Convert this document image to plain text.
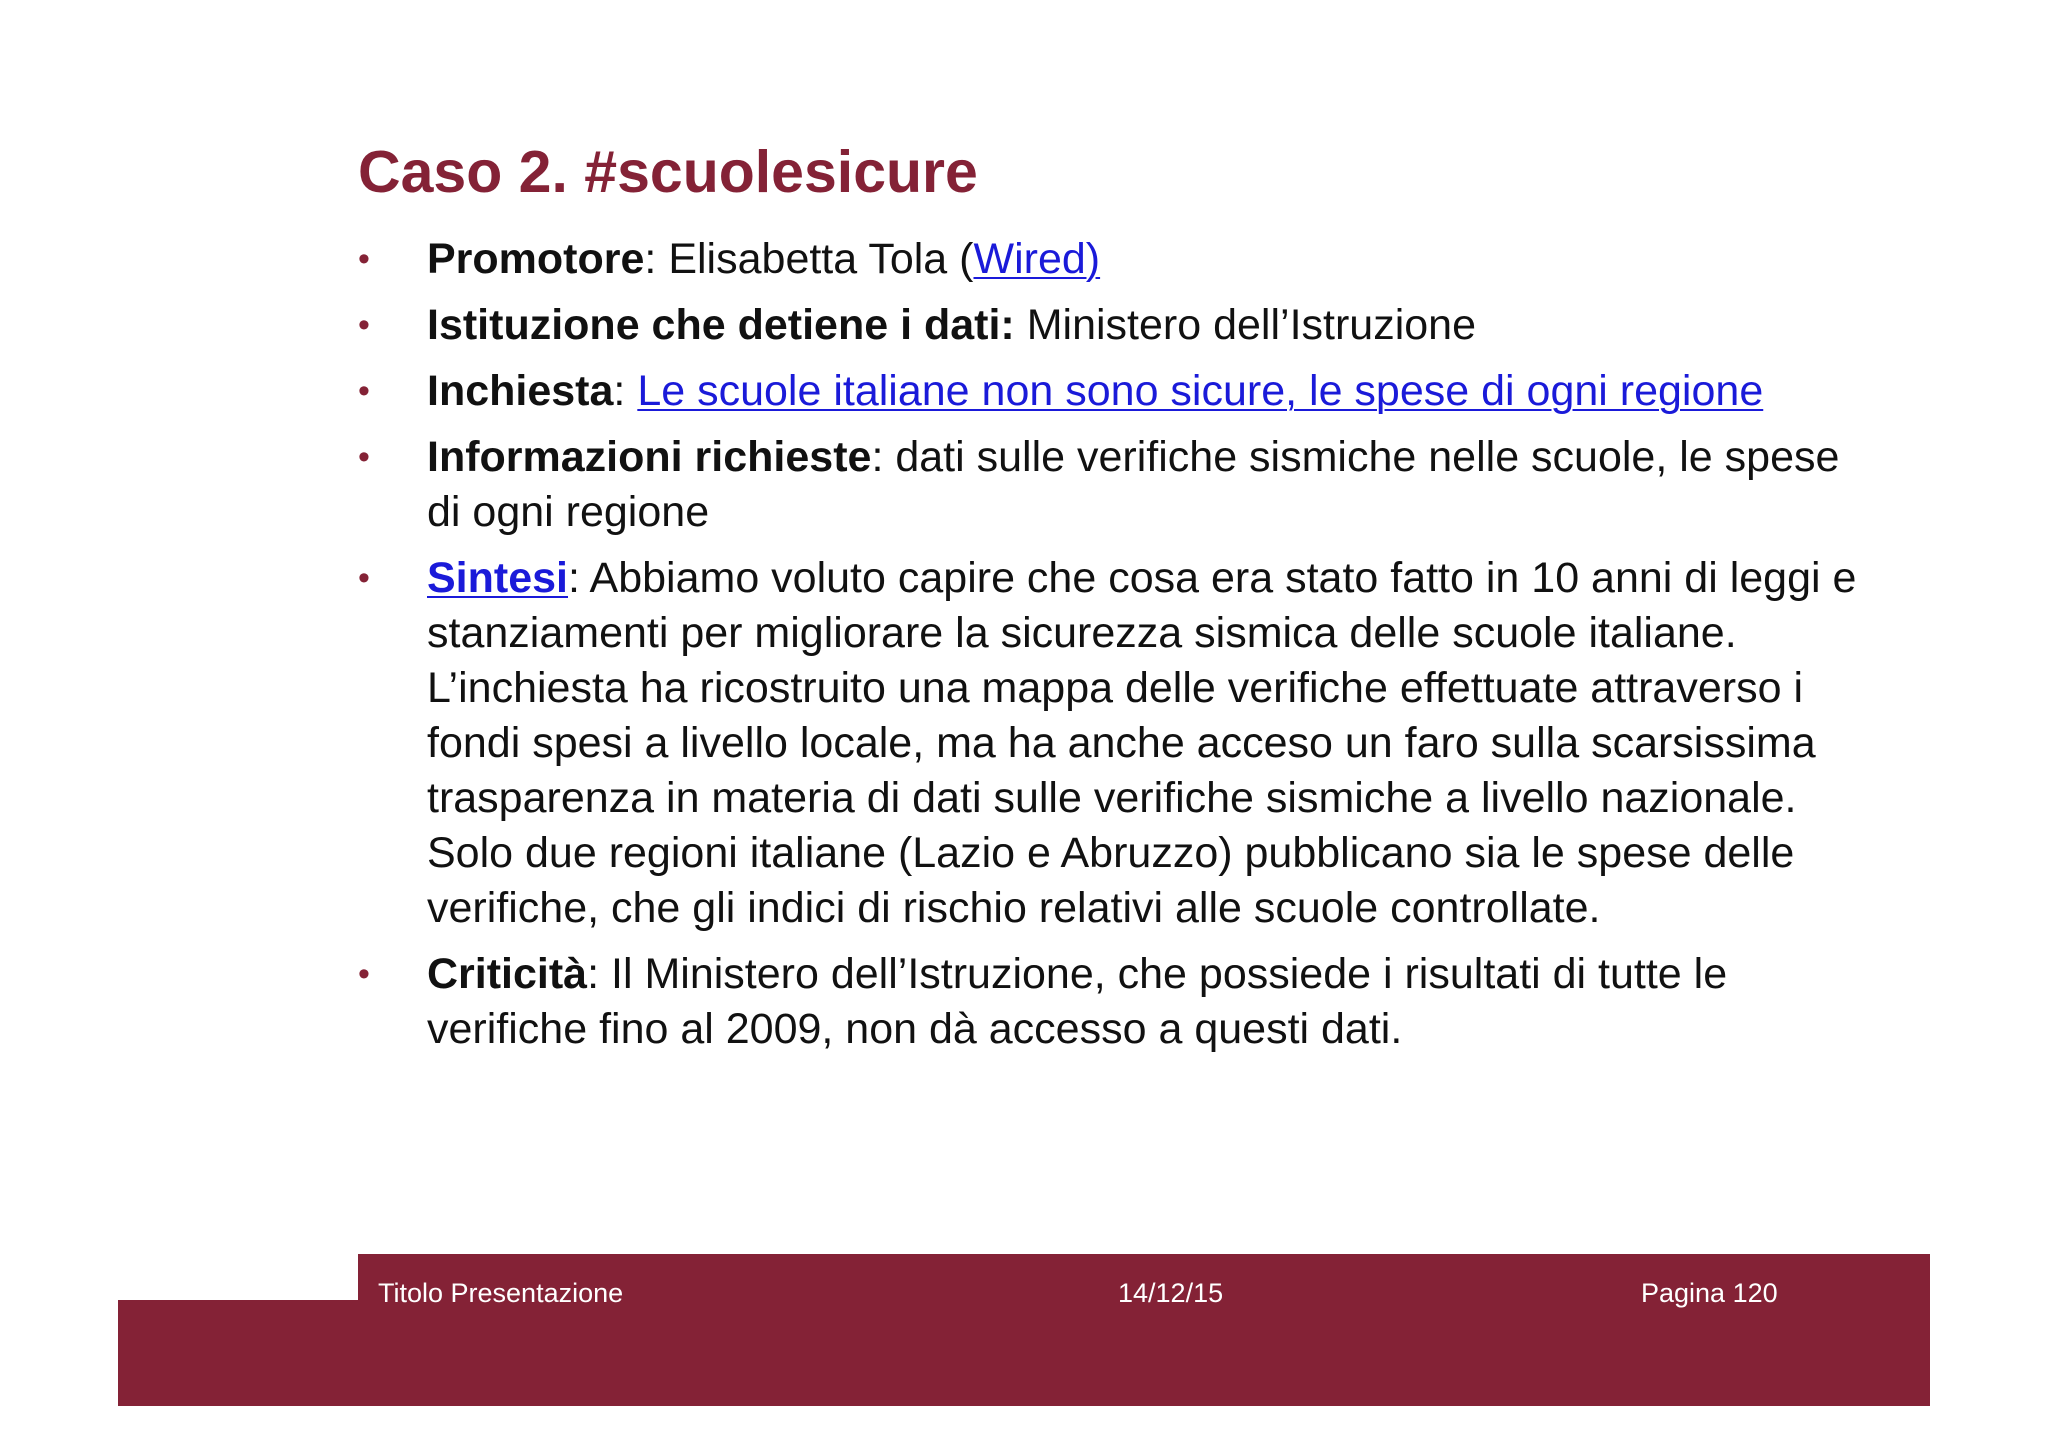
Caso 2. #scuolesicure
•	Promotore: Elisabetta Tola (Wired)
•	Istituzione che detiene i dati: Ministero dell’Istruzione
•	Inchiesta: Le scuole italiane non sono sicure, le spese di ogni regione
•	Informazioni richieste: dati sulle verifiche sismiche nelle scuole, le spese di ogni regione
•	Sintesi: Abbiamo voluto capire che cosa era stato fatto in 10 anni di leggi e stanziamenti per migliorare la sicurezza sismica delle scuole italiane. L’inchiesta ha ricostruito una mappa delle verifiche effettuate attraverso i fondi spesi a livello locale, ma ha anche acceso un faro sulla scarsissima trasparenza in materia di dati sulle verifiche sismiche a livello nazionale. Solo due regioni italiane (Lazio e Abruzzo) pubblicano sia le spese delle verifiche, che gli indici di rischio relativi alle scuole controllate.
•	Criticità: Il Ministero dell’Istruzione, che possiede i risultati di tutte le verifiche fino al 2009, non dà accesso a questi dati.
Titolo Presentazione	14/12/15	Pagina 120
